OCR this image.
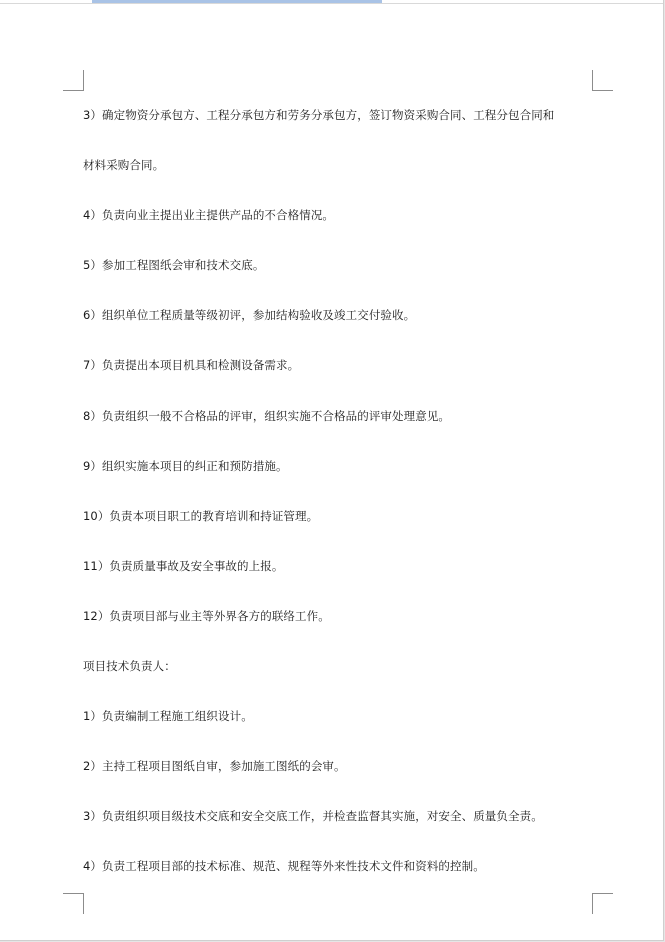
3）确定物资分承包方、工程分承包方和劳务分承包方，签订物资采购合同、工程分包合同和
材料采购合同。
4）负责向业主提出业主提供产品的不合格情况。
5）参加工程图纸会审和技术交底。
6）组织单位工程质量等级初评，参加结构验收及竣工交付验收。
7）负责提出本项目机具和检测设备需求。
8）负责组织一般不合格品的评审，组织实施不合格品的评审处理意见。
9）组织实施本项目的纠正和预防措施。
10）负责本项目职工的教育培训和持证管理。
11）负责质量事故及安全事故的上报。
12）负责项目部与业主等外界各方的联络工作。
项目技术负责人：
1）负责编制工程施工组织设计。
2）主持工程项目图纸自审，参加施工图纸的会审。
3）负责组织项目级技术交底和安全交底工作，并检查监督其实施，对安全、质量负全责。
4）负责工程项目部的技术标准、规范、规程等外来性技术文件和资料的控制。
